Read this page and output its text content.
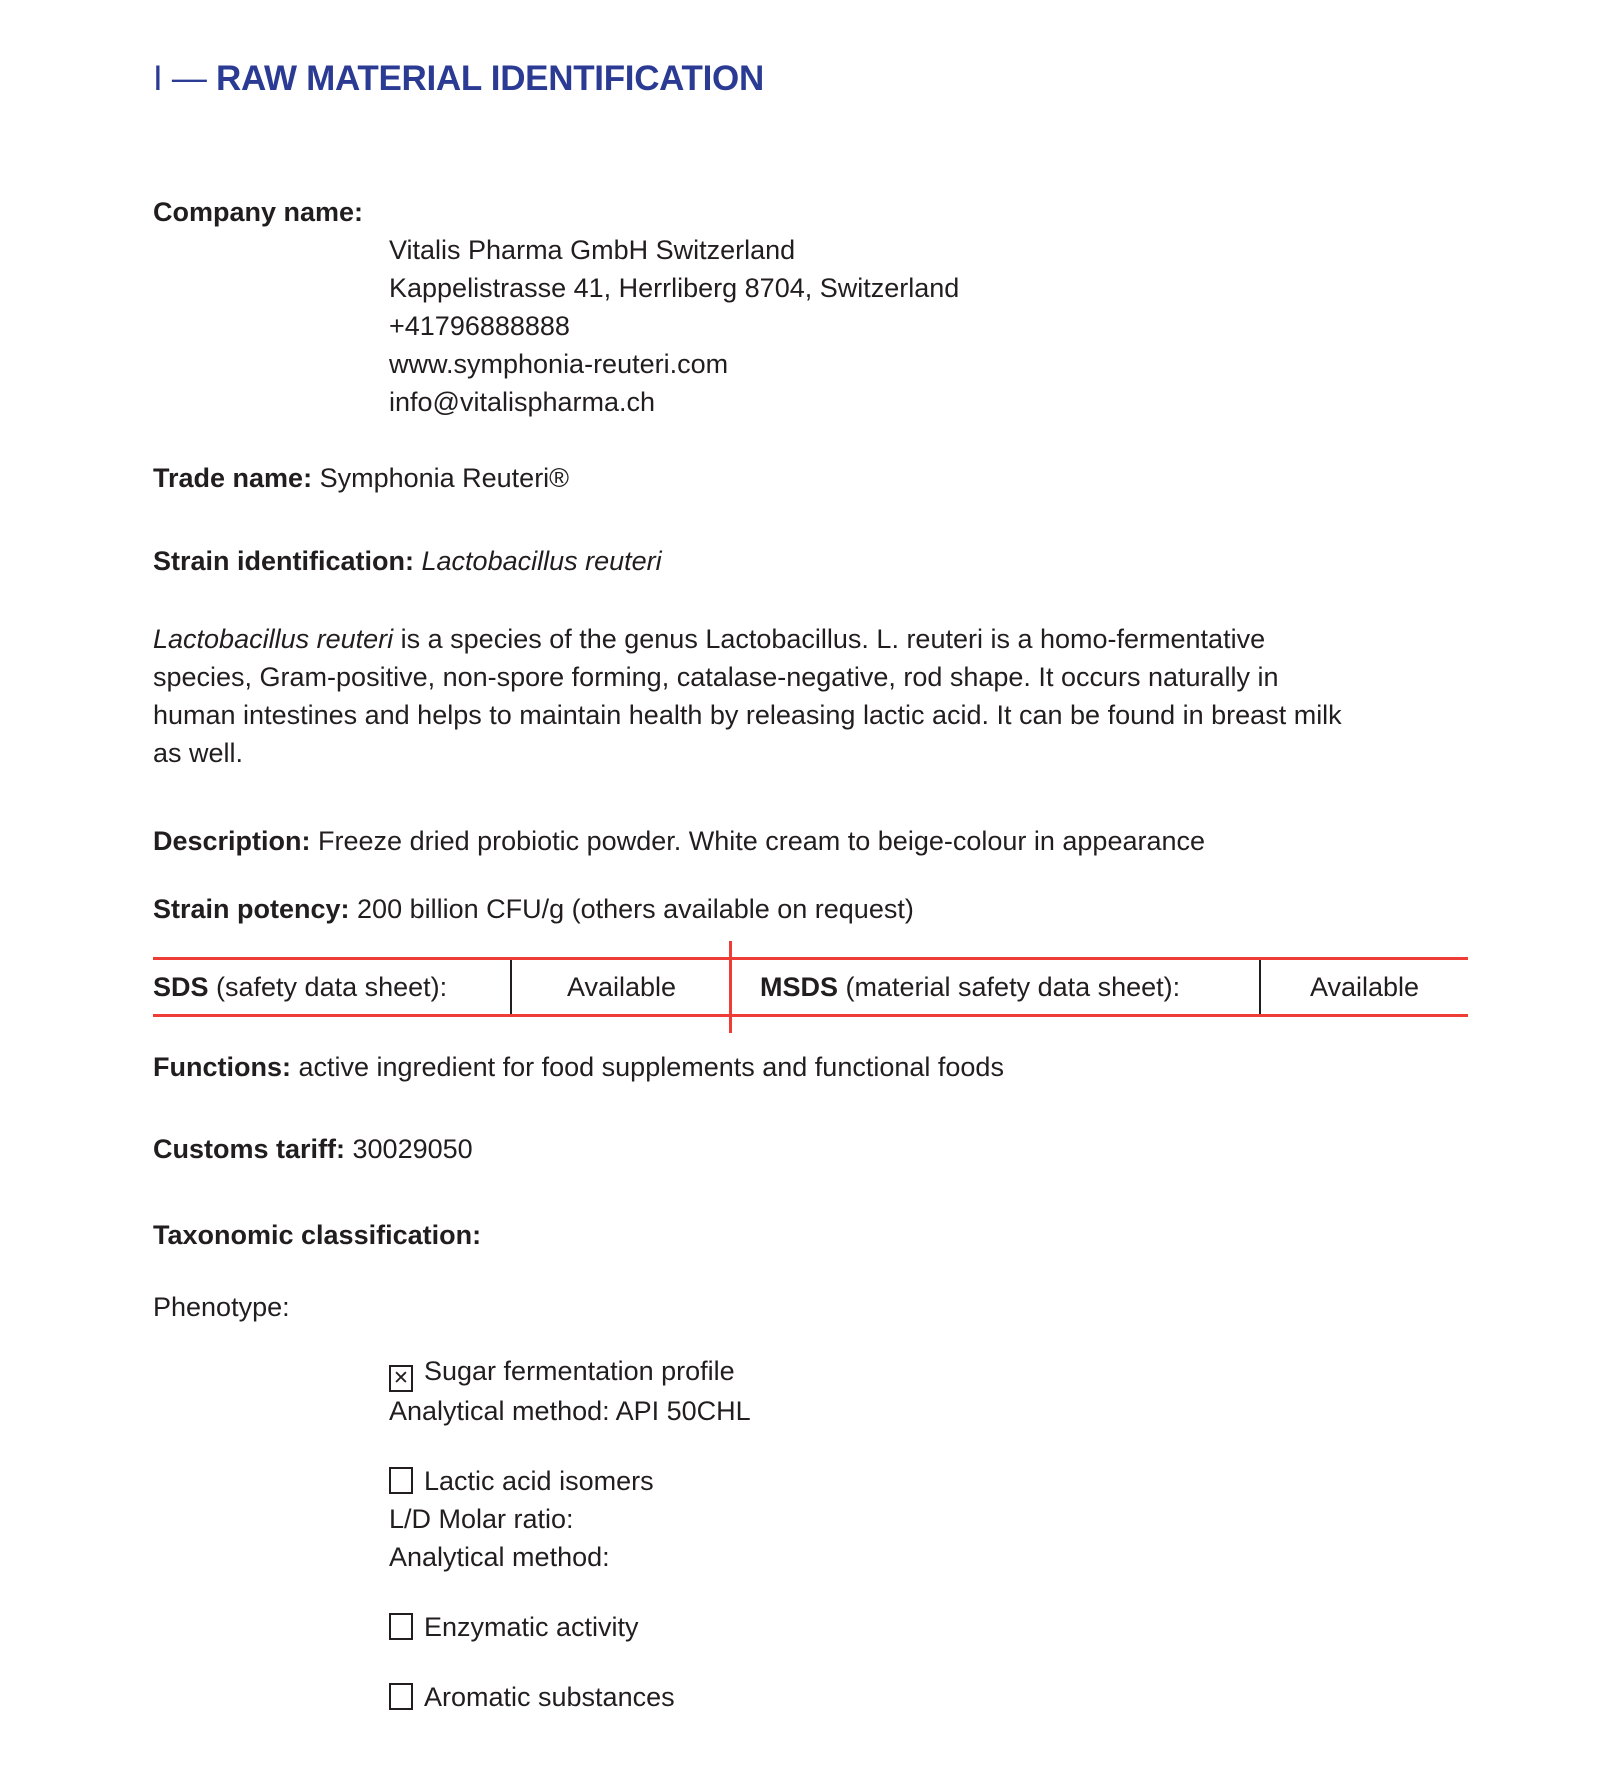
I — RAW MATERIAL IDENTIFICATION
Company name:
Vitalis Pharma GmbH Switzerland
Kappelistrasse 41, Herrliberg 8704, Switzerland
+41796888888
www.symphonia-reuteri.com
info@vitalispharma.ch
Trade name: Symphonia Reuteri®
Strain identification: Lactobacillus reuteri
Lactobacillus reuteri is a species of the genus Lactobacillus. L. reuteri is a homo-fermentative species, Gram-positive, non-spore forming, catalase-negative, rod shape. It occurs naturally in human intestines and helps to maintain health by releasing lactic acid. It can be found in breast milk as well.
Description: Freeze dried probiotic powder. White cream to beige-colour in appearance
Strain potency: 200 billion CFU/g (others available on request)
SDS (safety data sheet):	Available	MSDS (material safety data sheet):	Available
Functions: active ingredient for food supplements and functional foods
Customs tariff: 30029050
Taxonomic classification:
Phenotype:
✕ Sugar fermentation profile
Analytical method: API 50CHL
Lactic acid isomers
L/D Molar ratio:
Analytical method:
Enzymatic activity
Aromatic substances
